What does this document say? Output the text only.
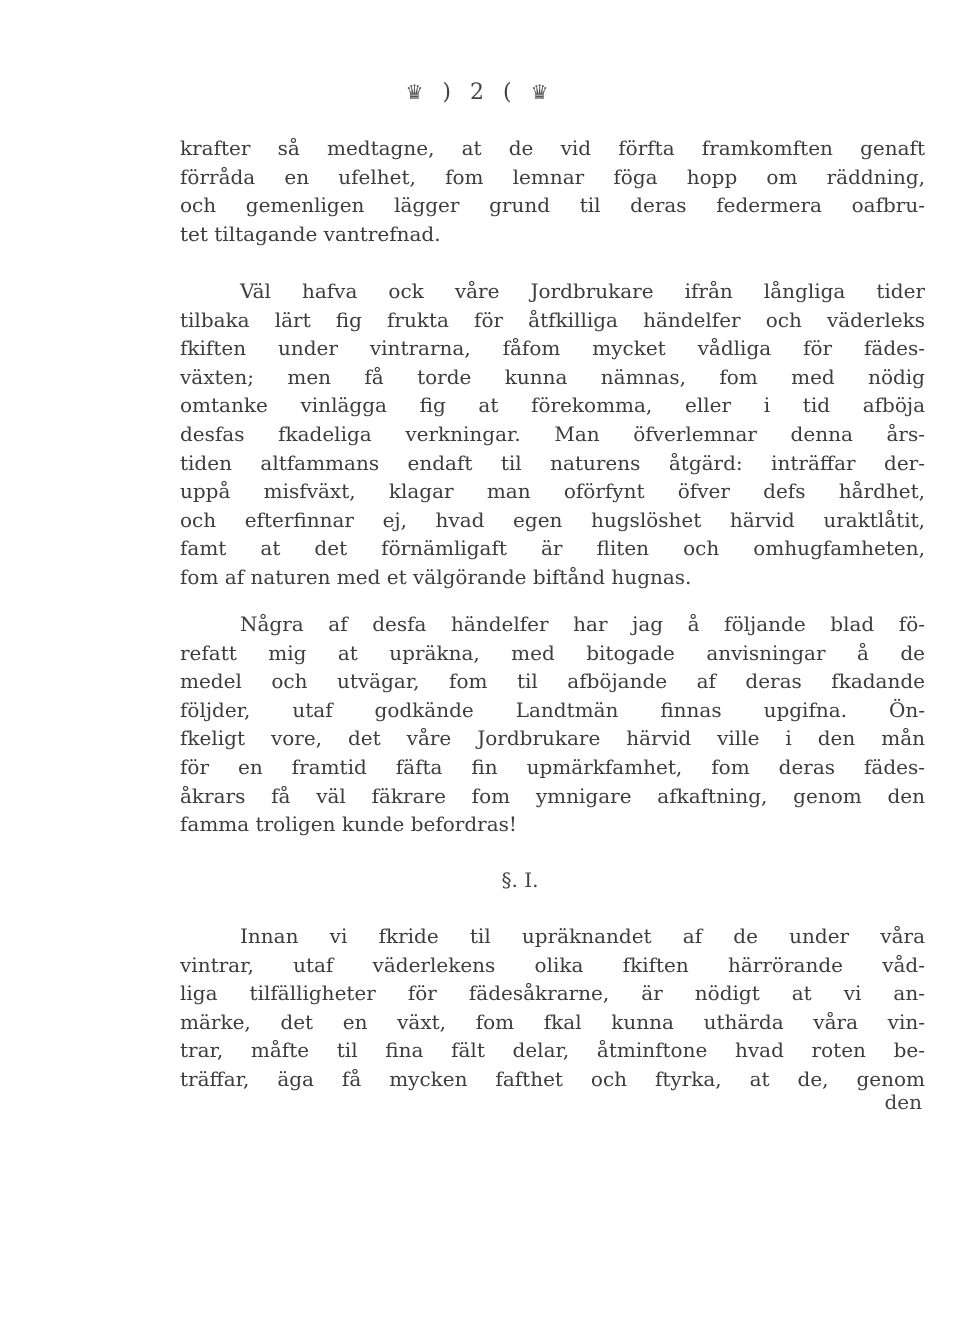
♛ ) 2 ( ♛
krafter så medtagne, at de vid förfta framkomften genaft
förråda en ufelhet, fom lemnar föga hopp om räddning,
och gemenligen lägger grund til deras federmera oafbru-
tet tiltagande vantrefnad.
Väl hafva ock våre Jordbrukare ifrån långliga tider
tilbaka lärt fig frukta för åtfkilliga händelfer och väderleks
fkiften under vintrarna, fåfom mycket vådliga för fädes-
växten; men få torde kunna nämnas, fom med nödig
omtanke vinlägga fig at förekomma, eller i tid afböja
desfas fkadeliga verkningar. Man öfverlemnar denna års-
tiden altfammans endaft til naturens åtgärd: inträffar der-
uppå misfväxt, klagar man oförfynt öfver defs hårdhet,
och efterfinnar ej, hvad egen hugslöshet härvid uraktlåtit,
famt at det förnämligaft är fliten och omhugfamheten,
fom af naturen med et välgörande biftånd hugnas.
Några af desfa händelfer har jag å följande blad fö-
refatt mig at upräkna, med bitogade anvisningar å de
medel och utvägar, fom til afböjande af deras fkadande
följder, utaf godkände Landtmän finnas upgifna. Ön-
fkeligt vore, det våre Jordbrukare härvid ville i den mån
för en framtid fäfta fin upmärkfamhet, fom deras fädes-
åkrars få väl fäkrare fom ymnigare afkaftning, genom den
famma troligen kunde befordras!
§. I.
Innan vi fkride til upräknandet af de under våra
vintrar, utaf väderlekens olika fkiften härrörande våd-
liga tilfälligheter för fädesåkrarne, är nödigt at vi an-
märke, det en växt, fom fkal kunna uthärda våra vin-
trar, måfte til fina fält delar, åtminftone hvad roten be-
träffar, äga få mycken fafthet och ftyrka, at de, genom
den
